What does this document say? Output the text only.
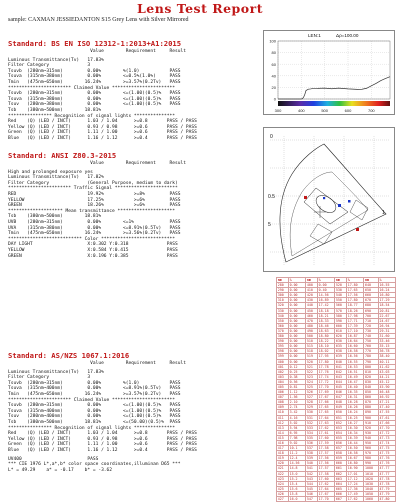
Lens Test Report
sample: CAXMAN JESSIEDANTON S15 Grey Lens with Silver Mirrored
Standard: BS EN ISO 12312-1:2013+A1:2015
Value        Requirement     Result
Luminous Transmittance(Tv)   17.83%
Filter Category              3
Tsuvb  (280nm~315nm)         0.00%        %(1.0)           PASS
Tsuva  (315nm~380nm)         0.00%        <=0.5%(1.0%)     PASS
Tmin   (475nm~650nm)        16.24%        >=3.57%(0.2Tv)   PASS
*********************** Claimed Value ***********************
Tsuvb  (280nm~315nm)         0.00%        <=(1.00)(0.5)%   PASS
Tsuva  (315nm~380nm)         0.00%        <=(1.00)(0.5)%   PASS
Tsuv   (280nm~380nm)         0.00%        <=(1.00)(0.5)%   PASS
Tsb    (380nm~500nm)        18.81%
**************** Recognition of signal lights ***************
Red    (Q) (LED / INCT)      1.03 / 1.04      >=0.8       PASS / PASS
Yellow (Q) (LED / INCT)      0.93 / 0.98      >=0.6       PASS / PASS
Green  (Q) (LED / INCT)      1.11 / 1.00      >=0.6       PASS / PASS
Blue   (Q) (LED / INCT)      1.16 / 1.12      >=0.4       PASS / PASS
Standard: ANSI Z80.3-2015
Value        Requirement     Result
High and prolonged exposure yes
Luminous Transmittance(Tv)   17.82%
Filter Category              (General Purpose, medium to dark)
*********************** Traffic Signal ***********************
RED                          19.92%           >=8%         PASS
YELLOW                       17.25%           >=6%         PASS
GREEN                        18.26%           >=6%         PASS
******************** Mean transmittance *********************
Tsb    (380nm~500nm)        18.81%
UVB    (280nm~315nm)         0.00%        <=1%             PASS
UVA    (315nm~380nm)         0.00%        <=8.91%(0.5Tv)   PASS
Tmin   (475nm~650nm)        16.24%        >=3.56%(0.2Tv)   PASS
*************************** Color ***************************
DAY LIGHT                    X:0.302 Y:0.318              PASS
YELLOW                       X:0.584 Y:0.415              PASS
GREEN                        X:0.196 Y:0.385              PASS
Standard: AS/NZS 1067.1:2016
Value        Requirement     Result
Luminous Transmittance(Tv)   17.83%
Filter Category              3
Tsuvb  (280nm~315nm)         0.00%        %(1.0)           PASS
Tsuva  (315nm~400nm)         0.00%        <=8.91%(0.5Tv)   PASS
Tmin   (475nm~650nm)        16.24%        >=3.57%(0.2Tv)   PASS
*********************** Claimed Value ***********************
Tsuvb  (280nm~315nm)         0.00%        <=(1.00)(0.5)%   PASS
Tsuva  (315nm~400nm)         0.00%        <=(1.00)(0.5)%   PASS
Tsuv   (280nm~400nm)         0.00%        <=(1.00)(0.5)%   PASS
Tsb    (380nm~500nm)        18.81%        <=(50.00)(0.5)%  PASS
**************** Recognition of signal lights ***************
Red    (Q) (LED / INCT)      1.03 / 1.04      >=0.8       PASS / PASS
Yellow (Q) (LED / INCT)      0.93 / 0.98      >=0.6       PASS / PASS
Green  (Q) (LED / INCT)      1.11 / 1.00      >=0.6       PASS / PASS
Blue   (Q) (LED / INCT)      1.16 / 1.12      >=0.4       PASS / PASS
UV400                        PASS
*** CIE 1976 L*,a*,b* color space coordinates,illuminan D65 ***
L* = 49.29    a* = -0.17    b* = -3.62
LEN:1	Δρ=100.00
0
20
40
60
80
100
300	400	500	600	700
0
1
5
0.5
nm	%	nm	%	nm	%	nm	%
280	0.00	400	0.00	520	17.80	640	16.55
290	0.00	410	0.40	530	17.65	650	16.24
300	0.00	420	14.56	540	17.56	660	16.80
310	0.00	430	16.89	550	17.80	670	17.29
320	0.00	440	17.42	560	18.77	680	18.54
330	0.00	450	18.18	570	18.26	690	20.81
340	0.00	460	18.21	580	17.98	700	22.67
350	0.00	470	18.33	590	17.71	710	24.67
360	0.00	480	18.46	600	17.39	720	26.94
370	0.00	490	18.63	610	17.10	730	29.31
380	0.00	500	18.80	620	16.87	740	31.60
390	0.00	510	18.22	630	16.64	750	33.46
395	0.00	515	18.10	635	16.60	760	35.15
398	0.00	518	18.02	638	16.58	770	36.78
399	0.00	519	17.95	639	16.56	780	38.40
400	0.00	520	17.80	640	16.55	790	40.11
401	0.12	521	17.78	641	16.53	800	41.62
402	0.25	522	17.76	642	16.51	810	43.03
403	0.38	523	17.74	643	16.49	820	44.21
404	0.56	524	17.72	644	16.47	830	45.12
405	0.81	525	17.70	645	16.40	840	45.90
406	1.12	526	17.69	646	16.35	850	46.48
407	1.56	527	17.67	647	16.31	860	46.92
408	2.10	528	17.66	648	16.28	870	47.21
409	2.74	529	17.65	649	16.26	880	47.40
410	3.42	530	17.65	650	16.24	890	47.55
411	4.16	531	17.64	651	16.25	900	47.61
412	5.02	532	17.63	652	16.27	910	47.66
413	5.94	533	17.62	653	16.30	920	47.70
414	6.95	534	17.61	654	16.34	930	47.72
415	7.98	535	17.60	655	16.39	940	47.73
416	9.02	536	17.59	656	16.44	950	47.74
417	10.1	537	17.58	657	16.50	960	47.75
418	11.2	538	17.57	658	16.58	970	47.75
419	12.4	539	17.56	659	16.67	980	47.76
420	14.56	540	17.56	660	16.80	990	47.76
421	14.8	541	17.57	661	16.90	1000	47.77
422	15.0	542	17.58	662	17.01	1010	47.77
423	15.2	543	17.60	663	17.12	1020	47.78
424	15.4	544	17.62	664	17.24	1030	47.78
425	15.6	545	17.64	665	17.36	1040	47.79
426	15.8	546	17.67	666	17.49	1050	47.79
427	16.0	547	17.70	667	17.62	1060	47.80
